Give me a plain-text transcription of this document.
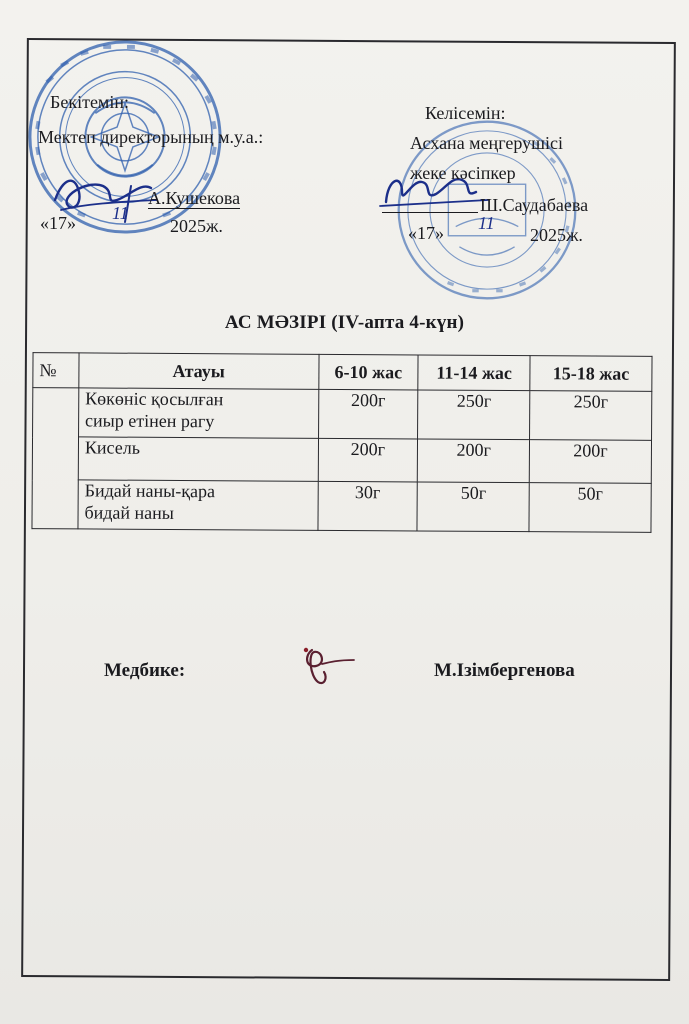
Бекітемін:
Мектеп директорының м.у.а.:
А.Кушекова
«17» 11
2025ж.
Келісемін:
Асхана меңгерушісі
жеке кәсіпкер
Ш.Саудабаева
«17» 11
2025ж.
АС МӘЗІРІ (IV-апта 4-күн)
№	Атауы	6-10 жас	11-14 жас	15-18 жас
	Көкөніс қосылған
сиыр етінен рагу	200г	250г	250г
	Кисель	200г	200г	200г
	Бидай наны-қара
бидай наны	30г	50г	50г
Медбике:	М.Ізімбергенова
